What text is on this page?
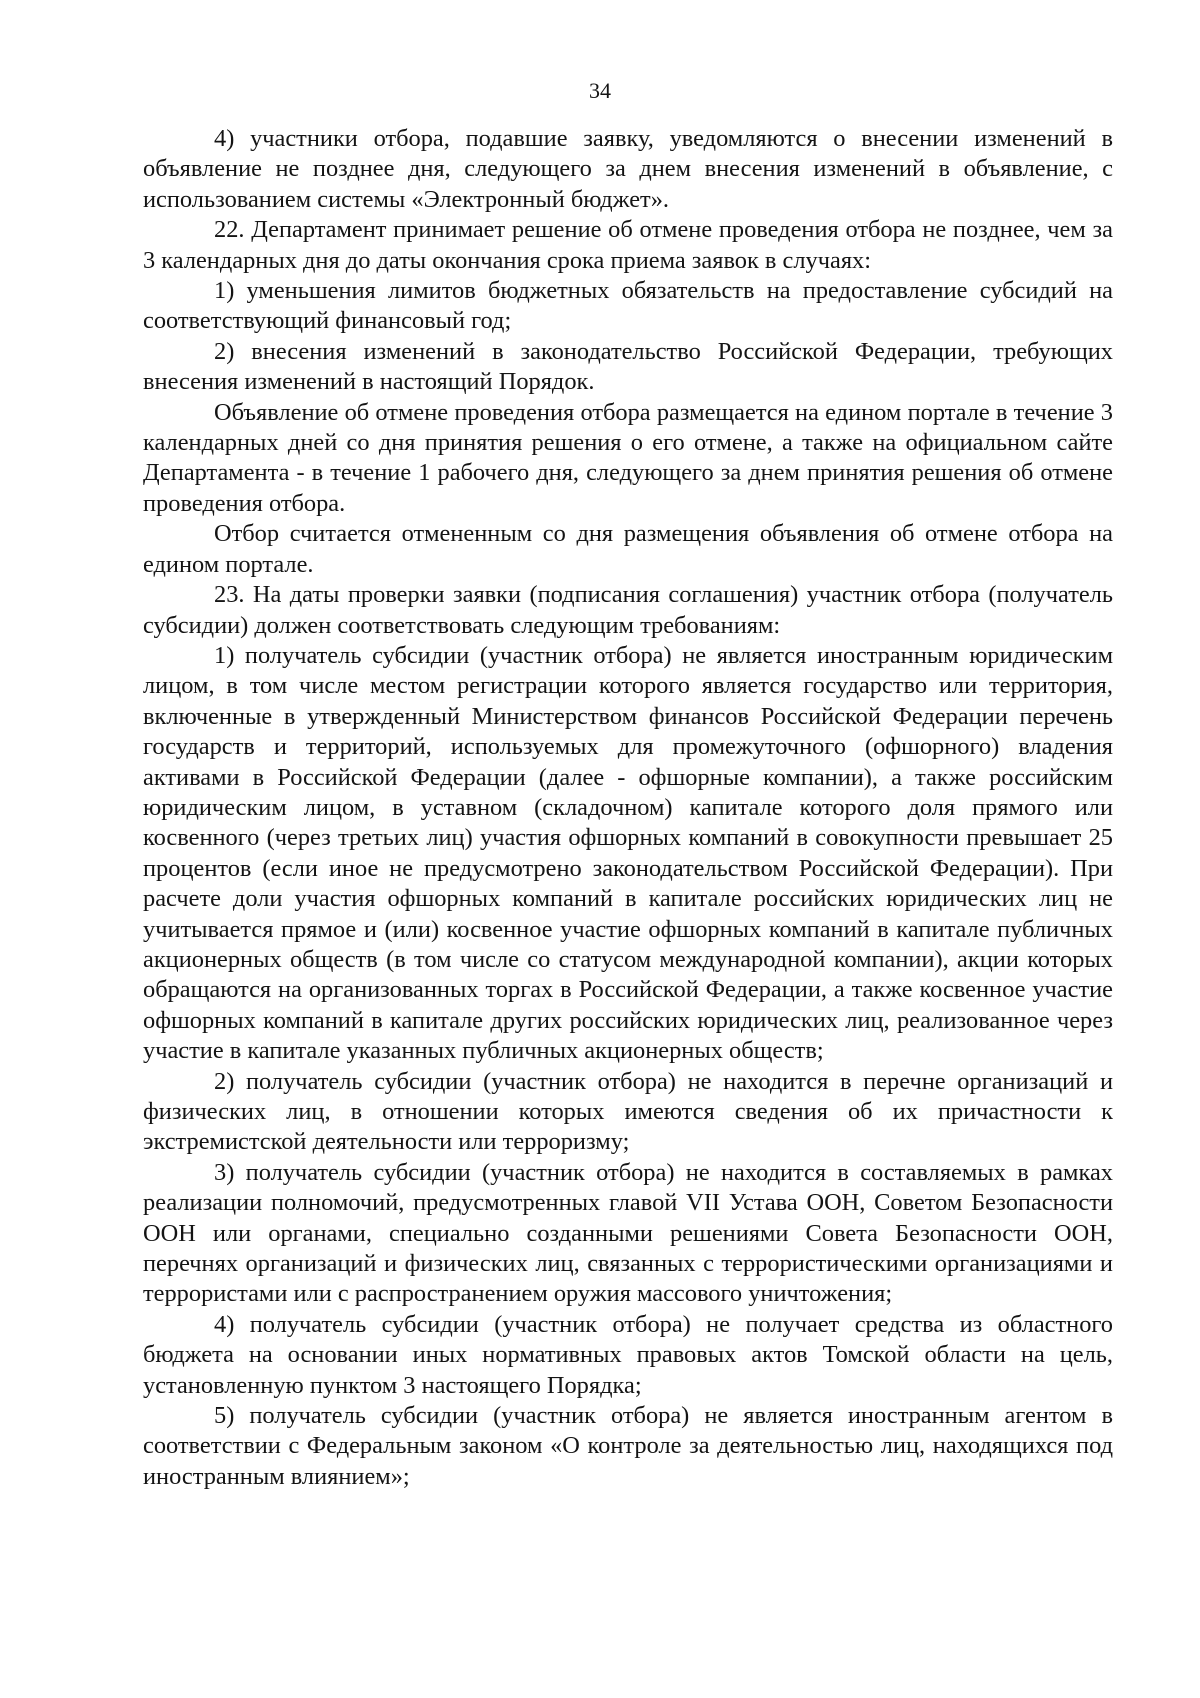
34

4) участники отбора, подавшие заявку, уведомляются о внесении изменений в объявление не позднее дня, следующего за днем внесения изменений в объявление, с использованием системы «Электронный бюджет».

22. Департамент принимает решение об отмене проведения отбора не позднее, чем за 3 календарных дня до даты окончания срока приема заявок в случаях:

1) уменьшения лимитов бюджетных обязательств на предоставление субсидий на соответствующий финансовый год;

2) внесения изменений в законодательство Российской Федерации, требующих внесения изменений в настоящий Порядок.

Объявление об отмене проведения отбора размещается на едином портале в течение 3 календарных дней со дня принятия решения о его отмене, а также на официальном сайте Департамента - в течение 1 рабочего дня, следующего за днем принятия решения об отмене проведения отбора.

Отбор считается отмененным со дня размещения объявления об отмене отбора на едином портале.

23. На даты проверки заявки (подписания соглашения) участник отбора (получатель субсидии) должен соответствовать следующим требованиям:

1) получатель субсидии (участник отбора) не является иностранным юридическим лицом, в том числе местом регистрации которого является государство или территория, включенные в утвержденный Министерством финансов Российской Федерации перечень государств и территорий, используемых для промежуточного (офшорного) владения активами в Российской Федерации (далее - офшорные компании), а также российским юридическим лицом, в уставном (складочном) капитале которого доля прямого или косвенного (через третьих лиц) участия офшорных компаний в совокупности превышает 25 процентов (если иное не предусмотрено законодательством Российской Федерации). При расчете доли участия офшорных компаний в капитале российских юридических лиц не учитывается прямое и (или) косвенное участие офшорных компаний в капитале публичных акционерных обществ (в том числе со статусом международной компании), акции которых обращаются на организованных торгах в Российской Федерации, а также косвенное участие офшорных компаний в капитале других российских юридических лиц, реализованное через участие в капитале указанных публичных акционерных обществ;

2) получатель субсидии (участник отбора) не находится в перечне организаций и физических лиц, в отношении которых имеются сведения об их причастности к экстремистской деятельности или терроризму;

3) получатель субсидии (участник отбора) не находится в составляемых в рамках реализации полномочий, предусмотренных главой VII Устава ООН, Советом Безопасности ООН или органами, специально созданными решениями Совета Безопасности ООН, перечнях организаций и физических лиц, связанных с террористическими организациями и террористами или с распространением оружия массового уничтожения;

4) получатель субсидии (участник отбора) не получает средства из областного бюджета на основании иных нормативных правовых актов Томской области на цель, установленную пунктом 3 настоящего Порядка;

5) получатель субсидии (участник отбора) не является иностранным агентом в соответствии с Федеральным законом «О контроле за деятельностью лиц, находящихся под иностранным влиянием»;
